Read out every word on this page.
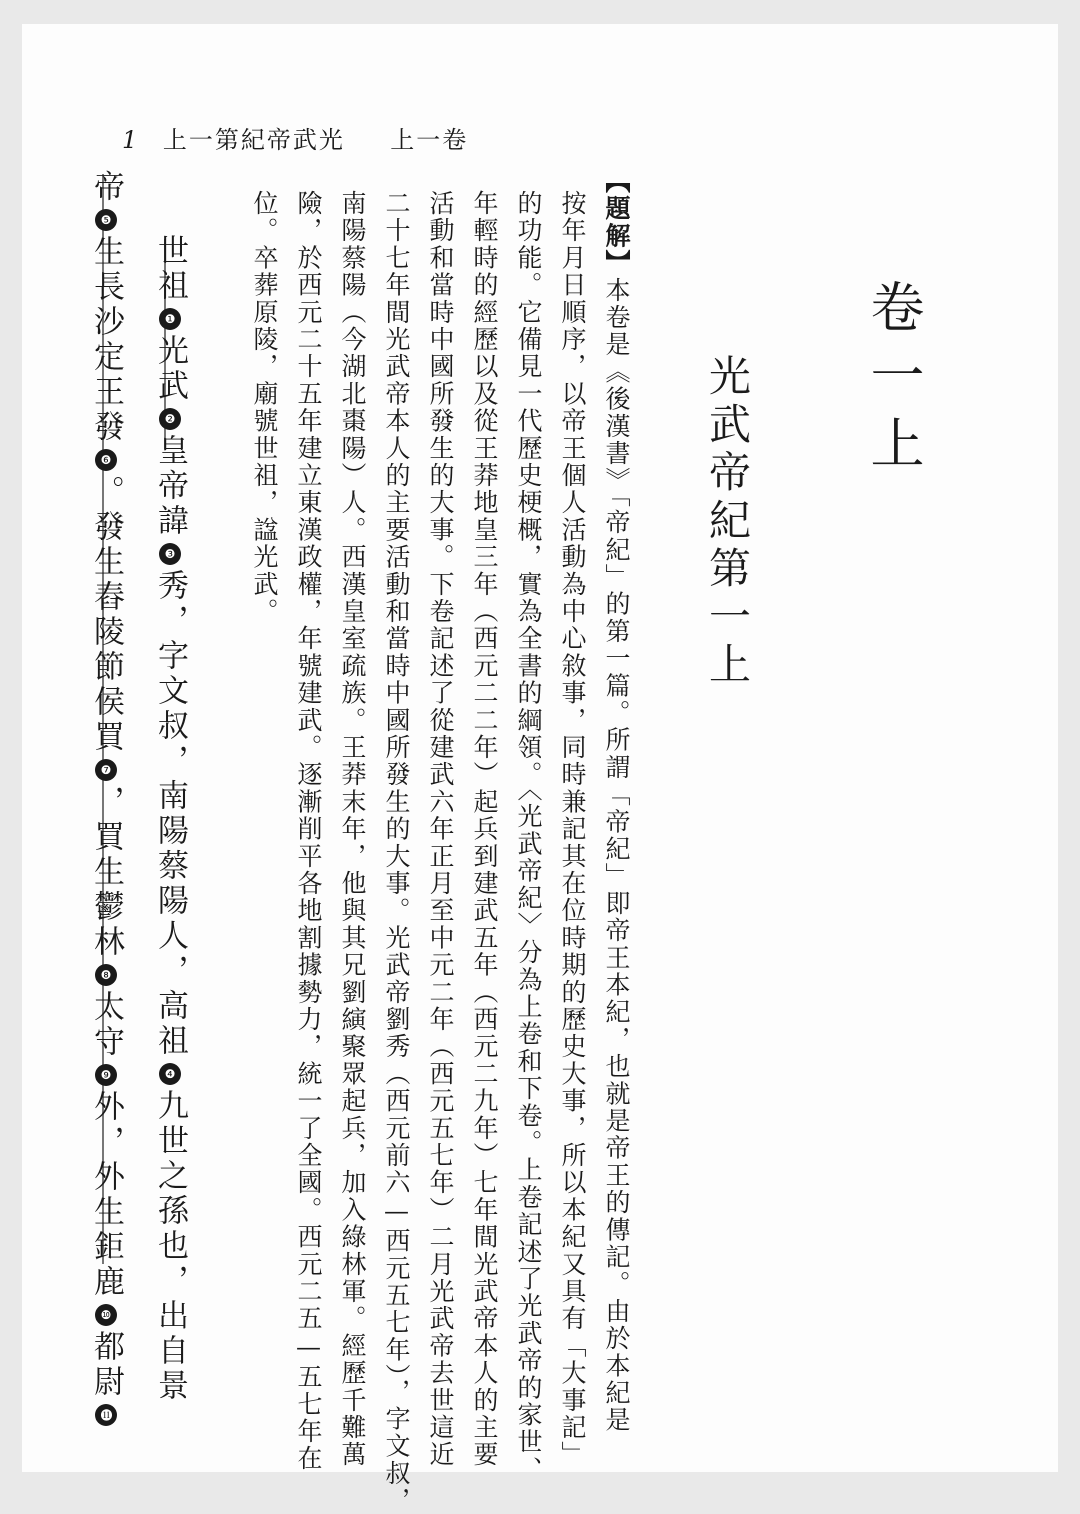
1 上一第紀帝武光 上一卷
卷一上
光武帝紀第一上
【題解】本卷是《後漢書》「帝紀」的第一篇。所謂「帝紀」即帝王本紀，也就是帝王的傳記。由於本紀是
按年月日順序，以帝王個人活動為中心敘事，同時兼記其在位時期的歷史大事，所以本紀又具有「大事記」
的功能。它備見一代歷史梗概，實為全書的綱領。〈光武帝紀〉分為上卷和下卷。上卷記述了光武帝的家世、
年輕時的經歷以及從王莽地皇三年（西元二二年）起兵到建武五年（西元二九年）七年間光武帝本人的主要
活動和當時中國所發生的大事。下卷記述了從建武六年正月至中元二年（西元五七年）二月光武帝去世這近
二十七年間光武帝本人的主要活動和當時中國所發生的大事。光武帝劉秀（西元前六—西元五七年），字文叔，
南陽蔡陽（今湖北棗陽）人。西漢皇室疏族。王莽末年，他與其兄劉縯聚眾起兵，加入綠林軍。經歷千難萬
險，於西元二十五年建立東漢政權，年號建武。逐漸削平各地割據勢力，統一了全國。西元二五—五七年在
位。卒葬原陵，廟號世祖，諡光武。
世祖❶光武❷皇帝諱❸秀，字文叔，南陽蔡陽人，高祖❹九世之孫也，出自景
帝❺生長沙定王發❻。發生舂陵節侯買❼，買生鬱林❽太守❾外，外生鉅鹿❿都尉⓫
